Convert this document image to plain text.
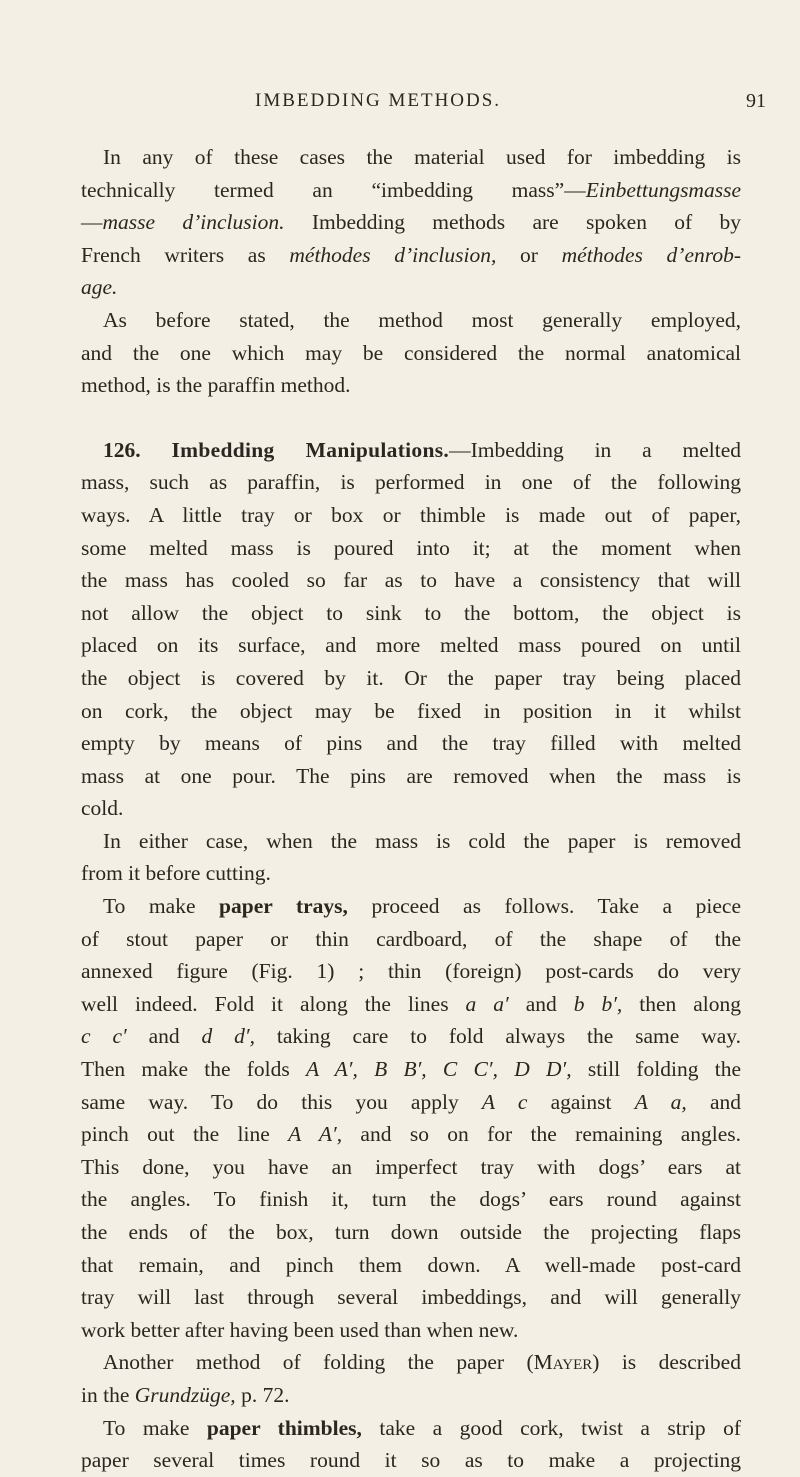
IMBEDDING METHODS.	91
In any of these cases the material used for imbedding is
technically termed an “imbedding mass”—Einbettungsmasse
—masse d’inclusion. Imbedding methods are spoken of by
French writers as méthodes d’inclusion, or méthodes d’enrob-
age.
As before stated, the method most generally employed,
and the one which may be considered the normal anatomical
method, is the paraffin method.
126. Imbedding Manipulations.—Imbedding in a melted
mass, such as paraffin, is performed in one of the following
ways. A little tray or box or thimble is made out of paper,
some melted mass is poured into it; at the moment when
the mass has cooled so far as to have a consistency that will
not allow the object to sink to the bottom, the object is
placed on its surface, and more melted mass poured on until
the object is covered by it. Or the paper tray being placed
on cork, the object may be fixed in position in it whilst
empty by means of pins and the tray filled with melted
mass at one pour. The pins are removed when the mass is
cold.
In either case, when the mass is cold the paper is removed
from it before cutting.
To make paper trays, proceed as follows. Take a piece
of stout paper or thin cardboard, of the shape of the
annexed figure (Fig. 1) ; thin (foreign) post-cards do very
well indeed. Fold it along the lines a a′ and b b′, then along
c c′ and d d′, taking care to fold always the same way.
Then make the folds A A′, B B′, C C′, D D′, still folding the
same way. To do this you apply A c against A a, and
pinch out the line A A′, and so on for the remaining angles.
This done, you have an imperfect tray with dogs’ ears at
the angles. To finish it, turn the dogs’ ears round against
the ends of the box, turn down outside the projecting flaps
that remain, and pinch them down. A well-made post-card
tray will last through several imbeddings, and will generally
work better after having been used than when new.
Another method of folding the paper (Mayer) is described
in the Grundzüge, p. 72.
To make paper thimbles, take a good cork, twist a strip of
paper several times round it so as to make a projecting
